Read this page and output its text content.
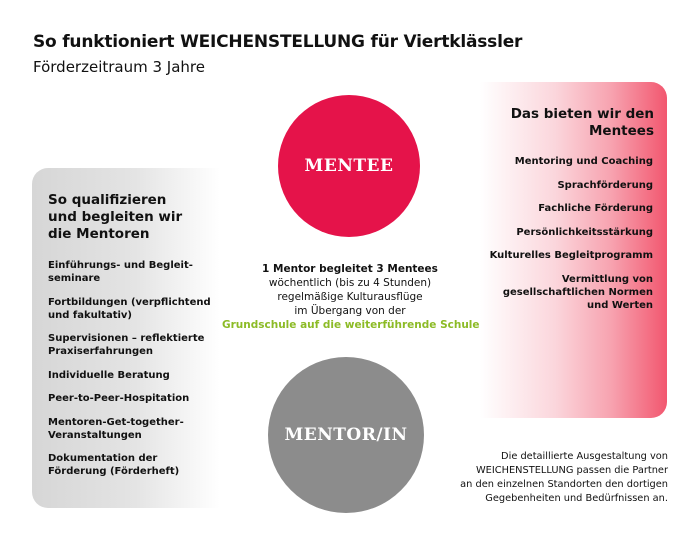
So funktioniert WEICHENSTELLUNG für Viertklässler
Förderzeitraum 3 Jahre
So qualifizieren
und begleiten wir
die Mentoren
Einführungs- und Begleit-
seminare
Fortbildungen (verpflichtend
und fakultativ)
Supervisionen – reflektierte
Praxiserfahrungen
Individuelle Beratung
Peer-to-Peer-Hospitation
Mentoren-Get-together-
Veranstaltungen
Dokumentation der
Förderung (Förderheft)
Das bieten wir den
Mentees
Mentoring und Coaching
Sprachförderung
Fachliche Förderung
Persönlichkeitsstärkung
Kulturelles Begleitprogramm
Vermittlung von
gesellschaftlichen Normen
und Werten
MENTEE
MENTOR/IN
1 Mentor begleitet 3 Mentees
wöchentlich (bis zu 4 Stunden)
regelmäßige Kulturausflüge
im Übergang von der
Grundschule auf die weiterführende Schule
Die detaillierte Ausgestaltung von
WEICHENSTELLUNG passen die Partner
an den einzelnen Standorten den dortigen
Gegebenheiten und Bedürfnissen an.
